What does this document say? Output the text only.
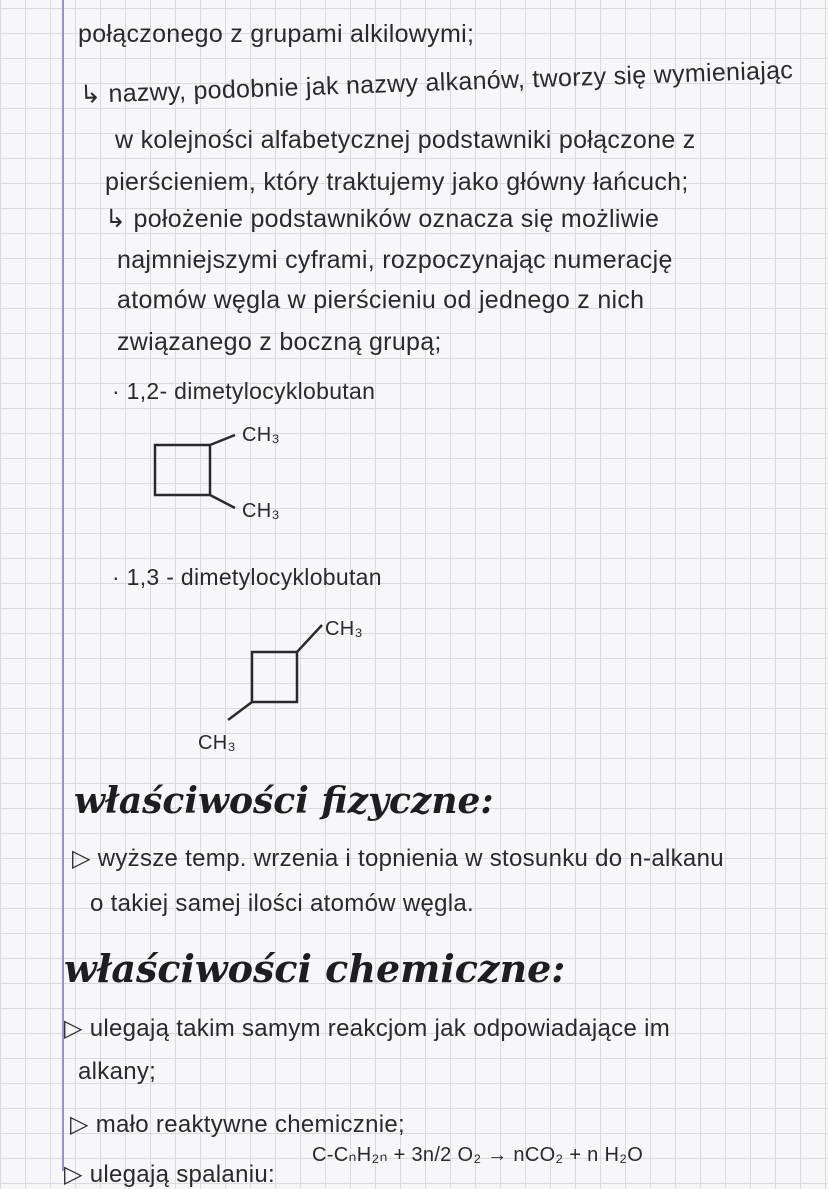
połączonego z grupami alkilowymi;
↳ nazwy, podobnie jak nazwy alkanów, tworzy się wymieniając
w kolejności alfabetycznej podstawniki połączone z
pierścieniem, który traktujemy jako główny łańcuch;
↳ położenie podstawników oznacza się możliwie
najmniejszymi cyframi, rozpoczynając numerację
atomów węgla w pierścieniu od jednego z nich
związanego z boczną grupą;
· 1,2- dimetylocyklobutan
CH₃
CH₃
· 1,3 - dimetylocyklobutan
CH₃
CH₃
właściwości fizyczne:
▷ wyższe temp. wrzenia i topnienia w stosunku do n-alkanu
o takiej samej ilości atomów węgla.
właściwości chemiczne:
▷ ulegają takim samym reakcjom jak odpowiadające im
alkany;
▷ mało reaktywne chemicznie;
C-CₙH₂ₙ + 3n/2 O₂ → nCO₂ + n H₂O
▷ ulegają spalaniu:
